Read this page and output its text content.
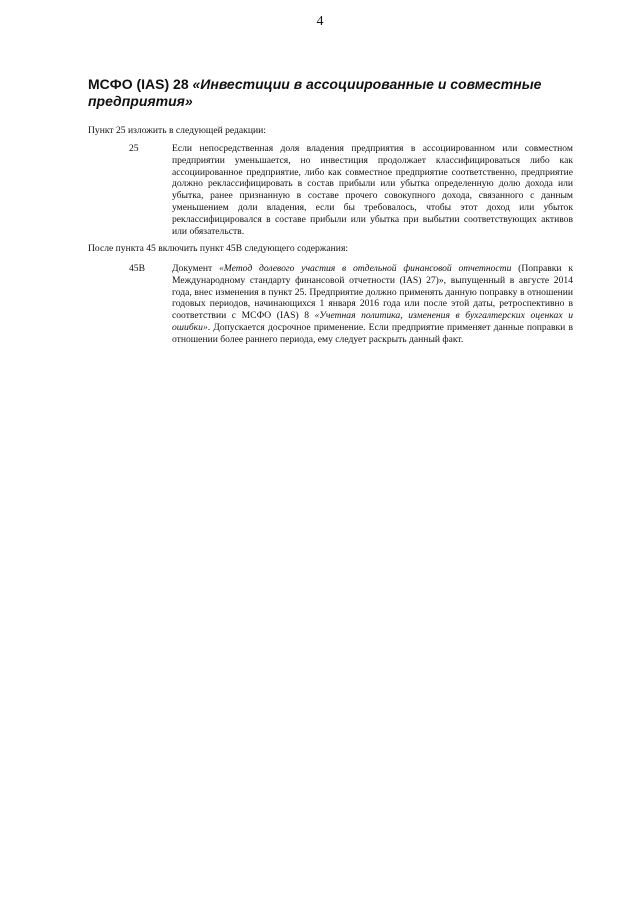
4
МСФО (IAS) 28 «Инвестиции в ассоциированные и совместные предприятия»
Пункт 25 изложить в следующей редакции:
25	Если непосредственная доля владения предприятия в ассоциированном или совместном предприятии уменьшается, но инвестиция продолжает классифицироваться либо как ассоциированное предприятие, либо как совместное предприятие соответственно, предприятие должно реклассифицировать в состав прибыли или убытка определенную долю дохода или убытка, ранее признанную в составе прочего совокупного дохода, связанного с данным уменьшением доли владения, если бы требовалось, чтобы этот доход или убыток реклассифицировался в составе прибыли или убытка при выбытии соответствующих активов или обязательств.
После пункта 45 включить пункт 45B следующего содержания:
45B	Документ «Метод долевого участия в отдельной финансовой отчетности (Поправки к Международному стандарту финансовой отчетности (IAS) 27)», выпущенный в августе 2014 года, внес изменения в пункт 25. Предприятие должно применять данную поправку в отношении годовых периодов, начинающихся 1 января 2016 года или после этой даты, ретроспективно в соответствии с МСФО (IAS) 8 «Учетная политика, изменения в бухгалтерских оценках и ошибки». Допускается досрочное применение. Если предприятие применяет данные поправки в отношении более раннего периода, ему следует раскрыть данный факт.
